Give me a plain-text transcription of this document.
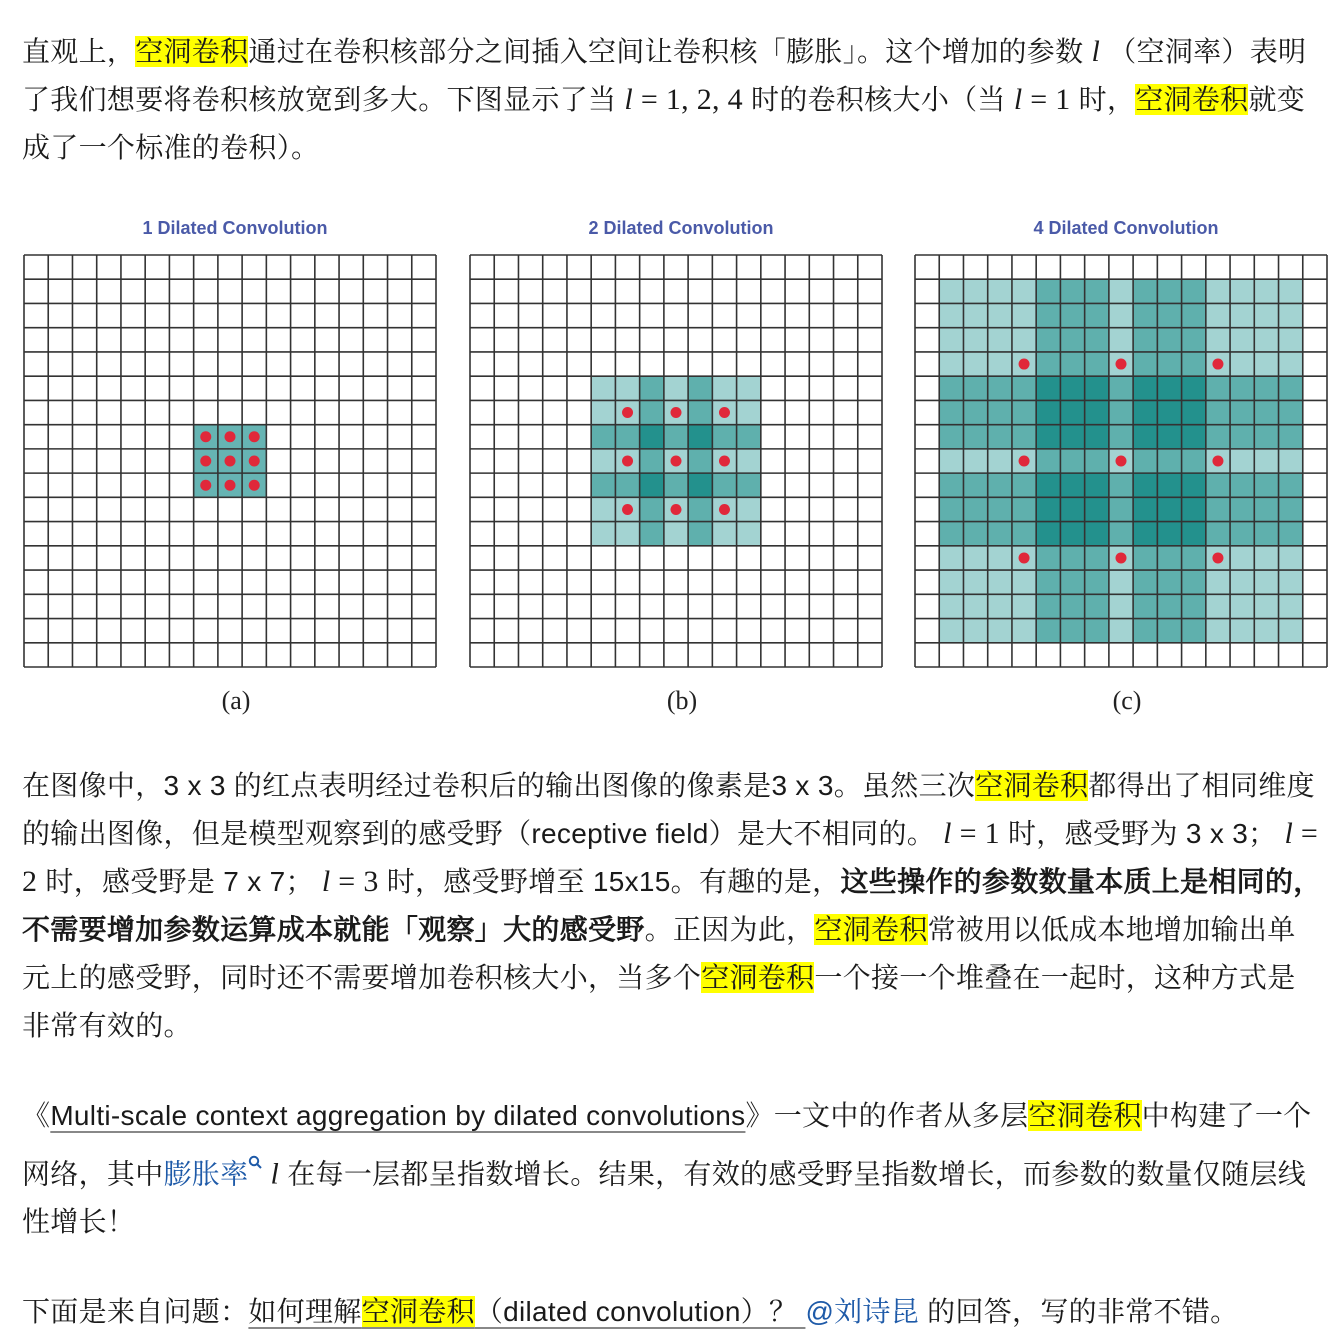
直观上，空洞卷积通过在卷积核部分之间插入空间让卷积核「膨胀」。这个增加的参数 l （空洞率）表明了我们想要将卷积核放宽到多大。下图显示了当 l = 1, 2, 4 时的卷积核大小（当 l = 1 时，空洞卷积就变成了一个标准的卷积）。

在图像中，3 x 3 的红点表明经过卷积后的输出图像的像素是3 x 3。虽然三次空洞卷积都得出了相同维度的输出图像，但是模型观察到的感受野（receptive field）是大不相同的。 l = 1 时，感受野为 3 x 3； l = 2 时，感受野是 7 x 7； l = 3 时，感受野增至 15x15。有趣的是，这些操作的参数数量本质上是相同的，不需要增加参数运算成本就能「观察」大的感受野。正因为此，空洞卷积常被用以低成本地增加输出单元上的感受野，同时还不需要增加卷积核大小，当多个空洞卷积一个接一个堆叠在一起时，这种方式是非常有效的。

《Multi-scale context aggregation by dilated convolutions》一文中的作者从多层空洞卷积中构建了一个网络，其中膨胀率 l 在每一层都呈指数增长。结果，有效的感受野呈指数增长，而参数的数量仅随层线性增长！

下面是来自问题：如何理解空洞卷积（dilated convolution）？ @刘诗昆 的回答，写的非常不错。

1 Dilated Convolution
(a)
2 Dilated Convolution
(b)
4 Dilated Convolution
(c)
